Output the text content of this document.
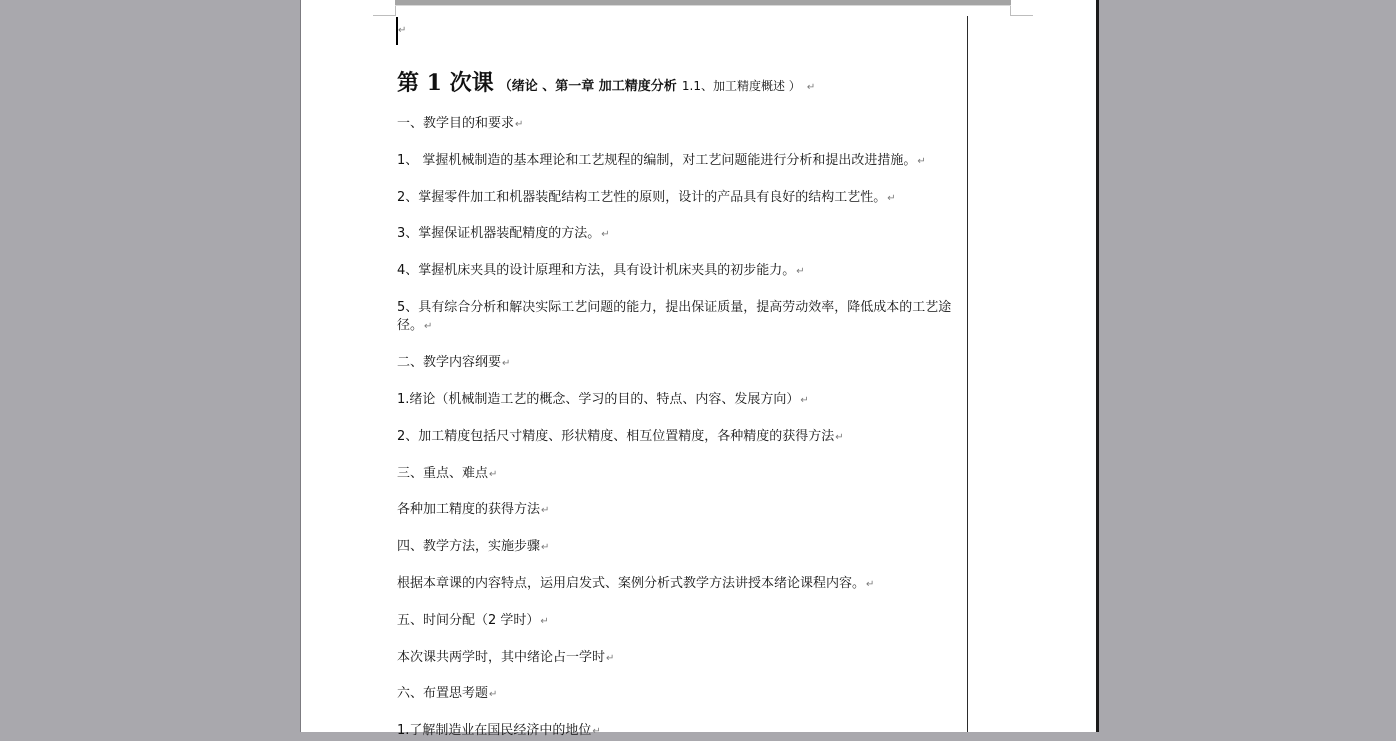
↵
第 1 次课 （绪论 、第一章 加工精度分析 1.1、加工精度概述 ） ↵
一、教学目的和要求↵
1、 掌握机械制造的基本理论和工艺规程的编制，对工艺问题能进行分析和提出改进措施。↵
2、掌握零件加工和机器装配结构工艺性的原则，设计的产品具有良好的结构工艺性。↵
3、掌握保证机器装配精度的方法。↵
4、掌握机床夹具的设计原理和方法，具有设计机床夹具的初步能力。↵
5、具有综合分析和解决实际工艺问题的能力，提出保证质量，提高劳动效率，降低成本的工艺途径。↵
二、教学内容纲要↵
1.绪论（机械制造工艺的概念、学习的目的、特点、内容、发展方向）↵
2、加工精度包括尺寸精度、形状精度、相互位置精度，各种精度的获得方法↵
三、重点、难点↵
各种加工精度的获得方法↵
四、教学方法，实施步骤↵
根据本章课的内容特点，运用启发式、案例分析式教学方法讲授本绪论课程内容。↵
五、时间分配（2 学时）↵
本次课共两学时，其中绪论占一学时↵
六、布置思考题↵
1.了解制造业在国民经济中的地位↵
